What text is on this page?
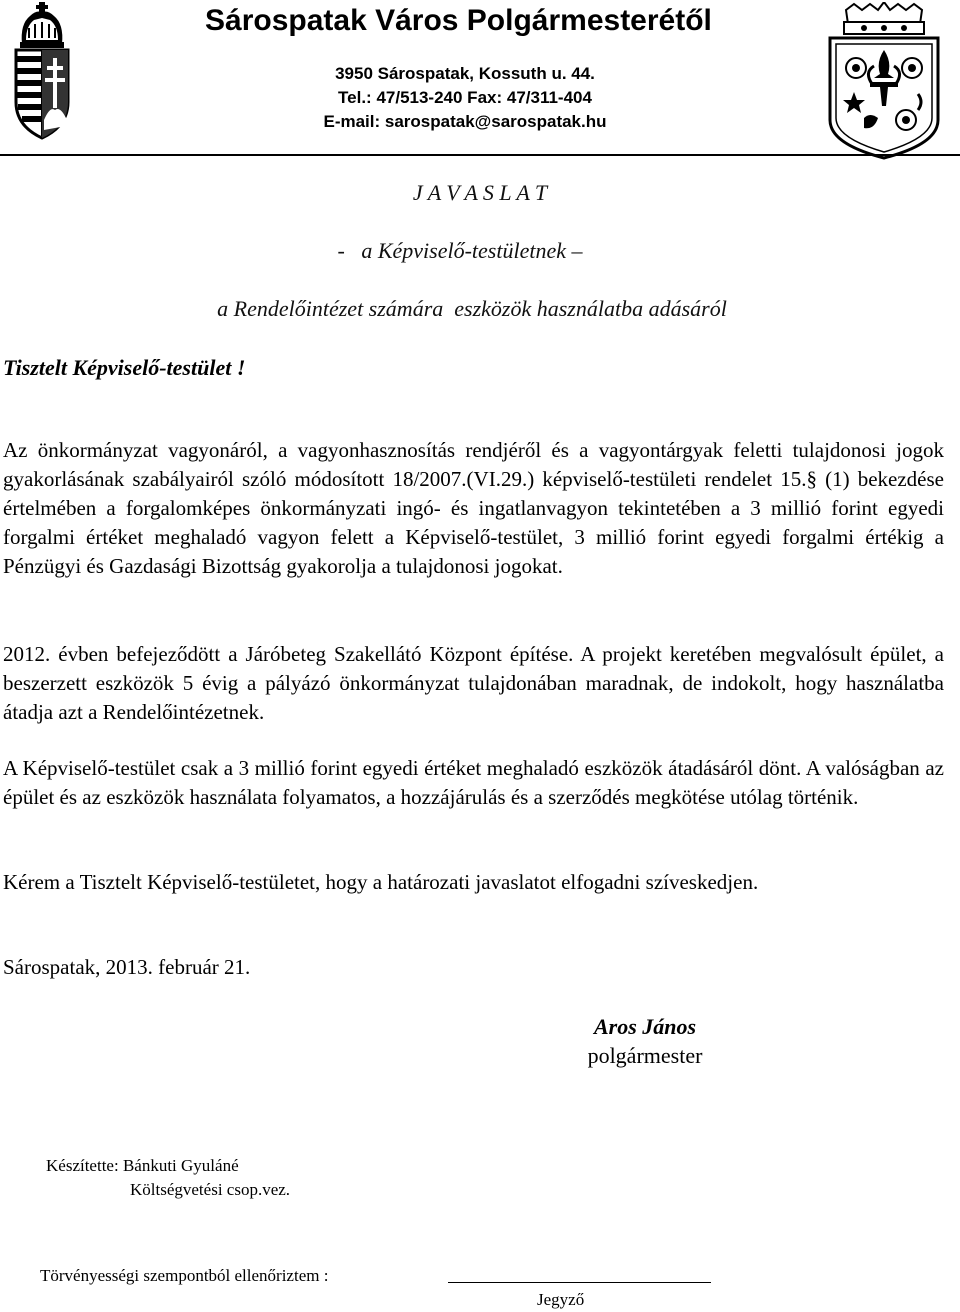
Sárospatak Város Polgármesterétől
3950 Sárospatak, Kossuth u. 44.
Tel.: 47/513-240 Fax: 47/311-404
E-mail: sarospatak@sarospatak.hu
J A V A S L A T
-   a Képviselő-testületnek –
a Rendelőintézet számára  eszközök használatba adásáról
Tisztelt Képviselő-testület !
Az önkormányzat vagyonáról, a vagyonhasznosítás rendjéről és a vagyontárgyak feletti tulajdonosi jogok gyakorlásának szabályairól szóló módosított 18/2007.(VI.29.) képviselő-testületi rendelet 15.§ (1) bekezdése értelmében a forgalomképes önkormányzati ingó- és ingatlanvagyon tekintetében a 3 millió forint egyedi forgalmi értéket meghaladó vagyon felett a Képviselő-testület, 3 millió forint egyedi forgalmi értékig a Pénzügyi és Gazdasági Bizottság gyakorolja a tulajdonosi jogokat.
2012. évben befejeződött a Járóbeteg Szakellátó Központ építése. A projekt keretében megvalósult épület, a beszerzett eszközök 5 évig a pályázó önkormányzat tulajdonában maradnak, de indokolt, hogy használatba átadja azt a Rendelőintézetnek.
A Képviselő-testület csak a 3 millió forint egyedi értéket meghaladó eszközök átadásáról dönt. A valóságban az épület és az eszközök használata folyamatos, a hozzájárulás és a szerződés megkötése utólag történik.
Kérem a Tisztelt Képviselő-testületet, hogy a határozati javaslatot elfogadni szíveskedjen.
Sárospatak, 2013. február 21.
Aros János
polgármester
Készítette: Bánkuti Gyuláné
Költségvetési csop.vez.
Törvényességi szempontból ellenőriztem :
Jegyző
